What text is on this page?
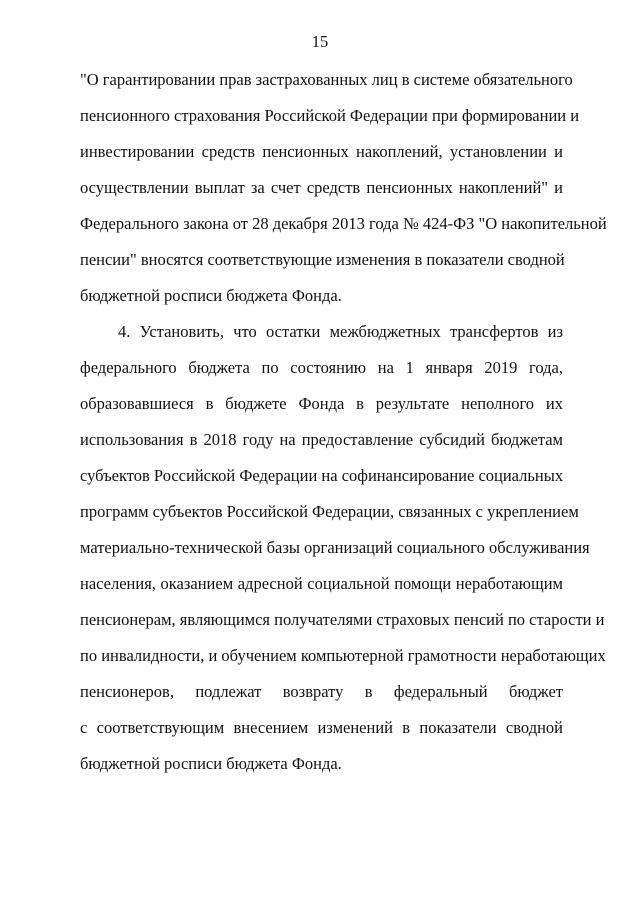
15
"О гарантировании прав застрахованных лиц в системе обязательного
пенсионного страхования Российской Федерации при формировании и
инвестировании средств пенсионных накоплений, установлении и
осуществлении выплат за счет средств пенсионных накоплений" и
Федерального закона от 28 декабря 2013 года № 424-ФЗ "О накопительной
пенсии" вносятся соответствующие изменения в показатели сводной
бюджетной росписи бюджета Фонда.
4. Установить, что остатки межбюджетных трансфертов из
федерального бюджета по состоянию на 1 января 2019 года,
образовавшиеся в бюджете Фонда в результате неполного их
использования в 2018 году на предоставление субсидий бюджетам
субъектов Российской Федерации на софинансирование социальных
программ субъектов Российской Федерации, связанных с укреплением
материально-технической базы организаций социального обслуживания
населения, оказанием адресной социальной помощи неработающим
пенсионерам, являющимся получателями страховых пенсий по старости и
по инвалидности, и обучением компьютерной грамотности неработающих
пенсионеров, подлежат возврату в федеральный бюджет
с соответствующим внесением изменений в показатели сводной
бюджетной росписи бюджета Фонда.
